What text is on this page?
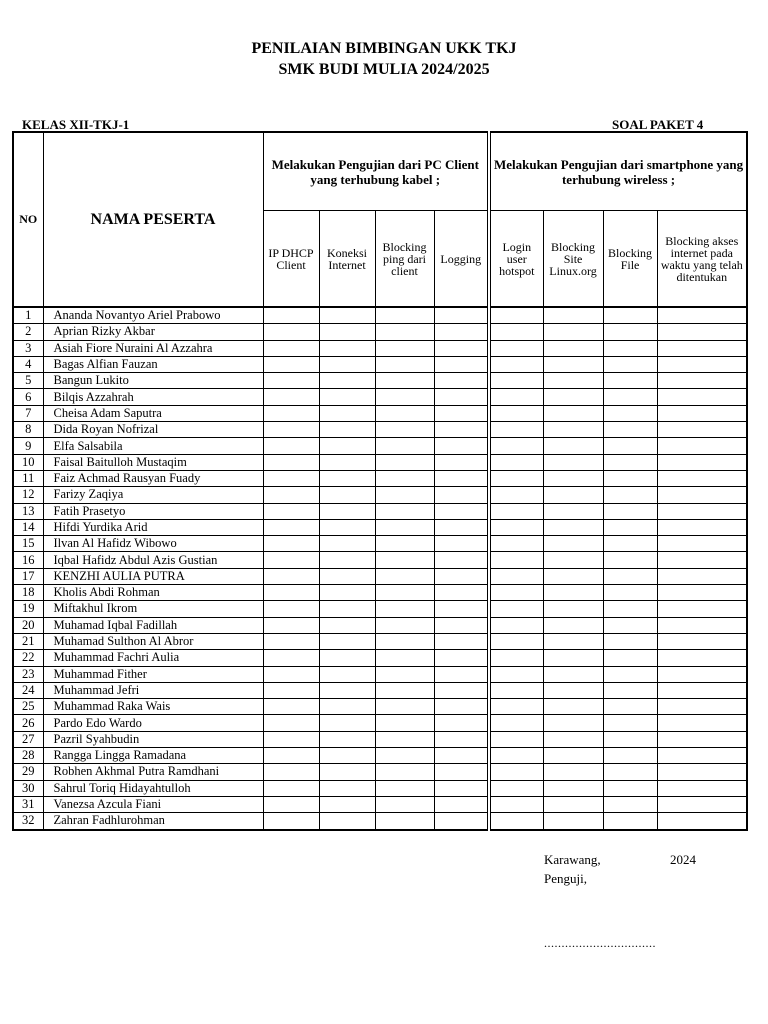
PENILAIAN BIMBINGAN UKK TKJ
SMK BUDI MULIA 2024/2025
KELAS XII-TKJ-1	SOAL PAKET 4
NO	NAMA PESERTA	Melakukan Pengujian dari PC Client yang terhubung kabel ;				Melakukan Pengujian dari smartphone yang terhubung wireless ;			
		IP DHCP Client	Koneksi Internet	Blocking ping dari client	Logging	Login user hotspot	Blocking Site Linux.org	Blocking File	Blocking akses internet pada waktu yang telah ditentukan
1	Ananda Novantyo Ariel Prabowo								
2	Aprian Rizky Akbar								
3	Asiah Fiore Nuraini Al Azzahra								
4	Bagas Alfian Fauzan								
5	Bangun Lukito								
6	Bilqis Azzahrah								
7	Cheisa Adam Saputra								
8	Dida Royan Nofrizal								
9	Elfa Salsabila								
10	Faisal Baitulloh Mustaqim								
11	Faiz Achmad Rausyan Fuady								
12	Farizy Zaqiya								
13	Fatih Prasetyo								
14	Hifdi Yurdika Arid								
15	Ilvan Al Hafidz Wibowo								
16	Iqbal Hafidz Abdul Azis Gustian								
17	KENZHI AULIA PUTRA								
18	Kholis Abdi Rohman								
19	Miftakhul Ikrom								
20	Muhamad Iqbal Fadillah								
21	Muhamad Sulthon Al Abror								
22	Muhammad Fachri Aulia								
23	Muhammad Fither								
24	Muhammad Jefri								
25	Muhammad Raka Wais								
26	Pardo Edo Wardo								
27	Pazril Syahbudin								
28	Rangga Lingga Ramadana								
29	Robhen Akhmal Putra Ramdhani								
30	Sahrul Toriq Hidayahtulloh								
31	Vanezsa Azcula Fiani								
32	Zahran Fadhlurohman								
Karawang,	2024
Penguji,
................................
